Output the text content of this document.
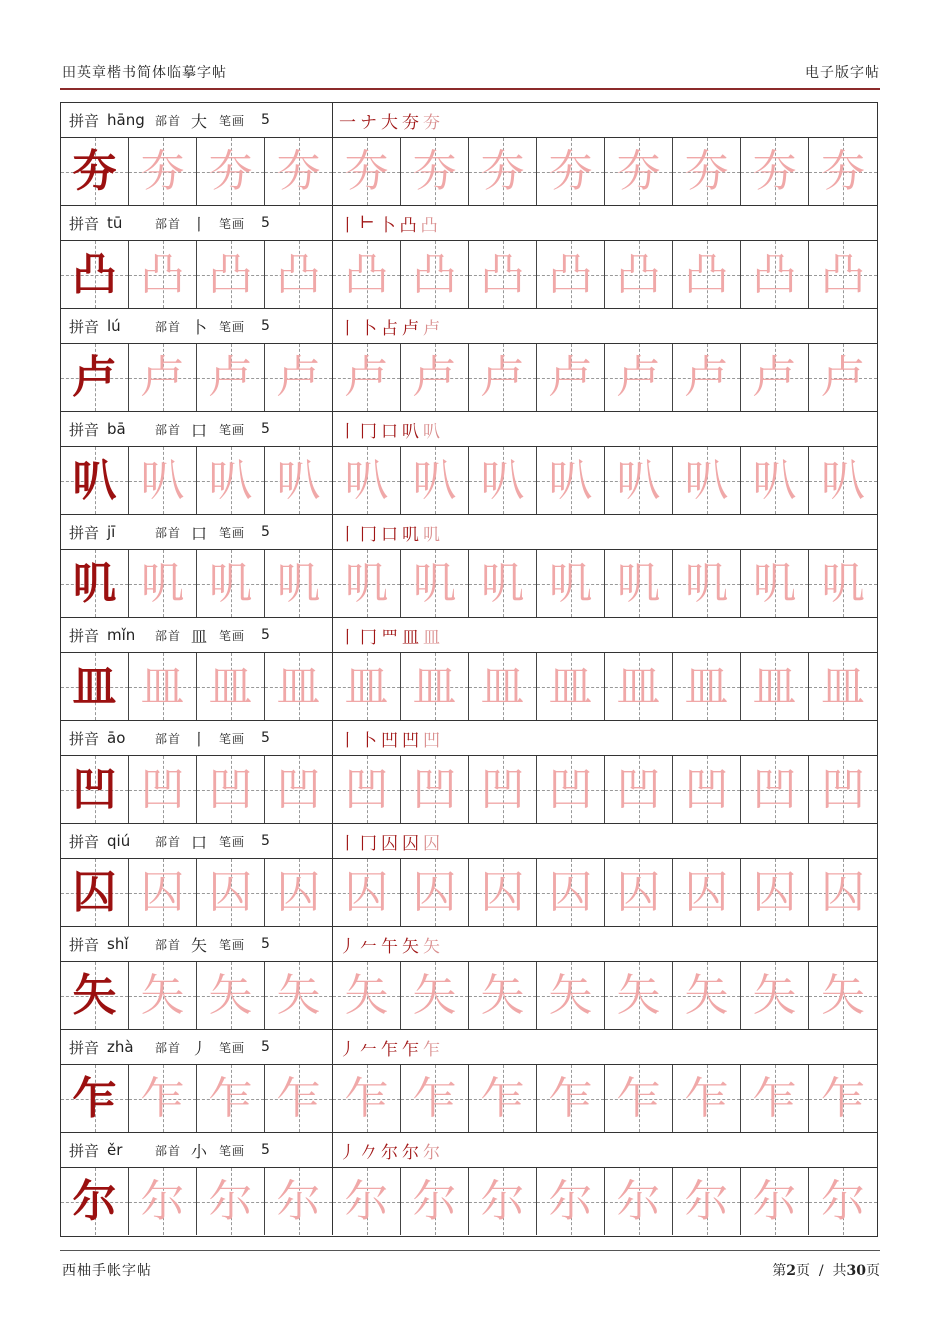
田英章楷书简体临摹字帖	电子版字帖
拼音 hāng 部首 大 笔画 5	一 ナ 大 夯 夯
夯 夯 夯 夯 夯 夯 夯 夯 夯 夯 夯 夯
拼音 tū	部首 丨 笔画 5	丨 ⊢ 卜 凸 凸
凸 凸 凸 凸 凸 凸 凸 凸 凸 凸 凸 凸
拼音 lú	部首 卜 笔画 5	丨 卜 占 卢 卢
卢 卢 卢 卢 卢 卢 卢 卢 卢 卢 卢 卢
拼音 bā	部首 口 笔画 5	丨 冂 口 叭 叭
叭 叭 叭 叭 叭 叭 叭 叭 叭 叭 叭 叭
拼音 jī	部首 口 笔画 5	丨 冂 口 叽 叽
叽 叽 叽 叽 叽 叽 叽 叽 叽 叽 叽 叽
拼音 mǐn	部首 皿 笔画 5	丨 冂 罒 皿 皿
皿 皿 皿 皿 皿 皿 皿 皿 皿 皿 皿 皿
拼音 āo	部首 丨 笔画 5	丨 卜 凹 凹 凹
凹 凹 凹 凹 凹 凹 凹 凹 凹 凹 凹 凹
拼音 qiú	部首 口 笔画 5	丨 冂 囚 囚 囚
囚 囚 囚 囚 囚 囚 囚 囚 囚 囚 囚 囚
拼音 shǐ	部首 矢 笔画 5	丿 𠂉 午 矢 矢
矢 矢 矢 矢 矢 矢 矢 矢 矢 矢 矢 矢
拼音 zhà	部首 丿 笔画 5	丿 𠂉 乍 乍 乍
乍 乍 乍 乍 乍 乍 乍 乍 乍 乍 乍 乍
拼音 ěr	部首 小 笔画 5	丿 𠂊 尔 尔 尔
尔 尔 尔 尔 尔 尔 尔 尔 尔 尔 尔 尔
西柚手帐字帖	第2页  /  共30页
